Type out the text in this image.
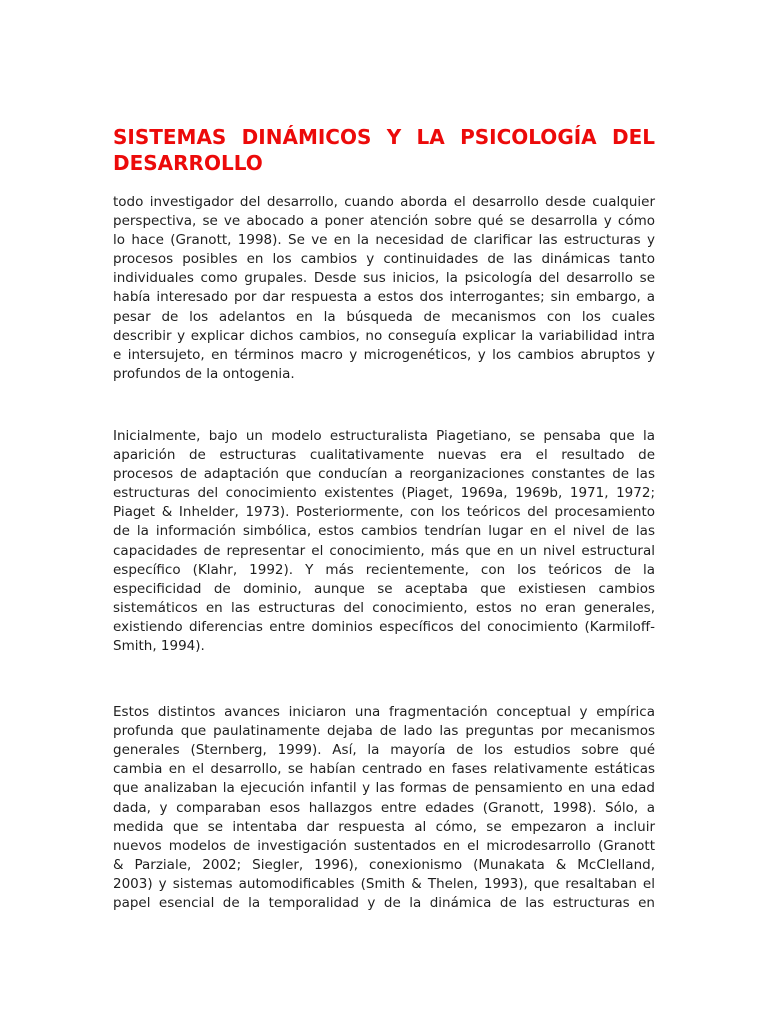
SISTEMAS DINÁMICOS Y LA PSICOLOGÍA DEL DESARROLLO
todo investigador del desarrollo, cuando aborda el desarrollo desde cualquier
perspectiva, se ve abocado a poner atención sobre qué se desarrolla y cómo
lo hace (Granott, 1998). Se ve en la necesidad de clarificar las estructuras y
procesos posibles en los cambios y continuidades de las dinámicas tanto
individuales como grupales. Desde sus inicios, la psicología del desarrollo se
había interesado por dar respuesta a estos dos interrogantes; sin embargo, a
pesar de los adelantos en la búsqueda de mecanismos con los cuales
describir y explicar dichos cambios, no conseguía explicar la variabilidad intra
e intersujeto, en términos macro y microgenéticos, y los cambios abruptos y
profundos de la ontogenia.
Inicialmente, bajo un modelo estructuralista Piagetiano, se pensaba que la
aparición de estructuras cualitativamente nuevas era el resultado de
procesos de adaptación que conducían a reorganizaciones constantes de las
estructuras del conocimiento existentes (Piaget, 1969a, 1969b, 1971, 1972;
Piaget & Inhelder, 1973). Posteriormente, con los teóricos del procesamiento
de la información simbólica, estos cambios tendrían lugar en el nivel de las
capacidades de representar el conocimiento, más que en un nivel estructural
específico (Klahr, 1992). Y más recientemente, con los teóricos de la
especificidad de dominio, aunque se aceptaba que existiesen cambios
sistemáticos en las estructuras del conocimiento, estos no eran generales,
existiendo diferencias entre dominios específicos del conocimiento (Karmiloff-
Smith, 1994).
Estos distintos avances iniciaron una fragmentación conceptual y empírica
profunda que paulatinamente dejaba de lado las preguntas por mecanismos
generales (Sternberg, 1999). Así, la mayoría de los estudios sobre qué
cambia en el desarrollo, se habían centrado en fases relativamente estáticas
que analizaban la ejecución infantil y las formas de pensamiento en una edad
dada, y comparaban esos hallazgos entre edades (Granott, 1998). Sólo, a
medida que se intentaba dar respuesta al cómo, se empezaron a incluir
nuevos modelos de investigación sustentados en el microdesarrollo (Granott
& Parziale, 2002; Siegler, 1996), conexionismo (Munakata & McClelland,
2003) y sistemas automodificables (Smith & Thelen, 1993), que resaltaban el
papel esencial de la temporalidad y de la dinámica de las estructuras en
